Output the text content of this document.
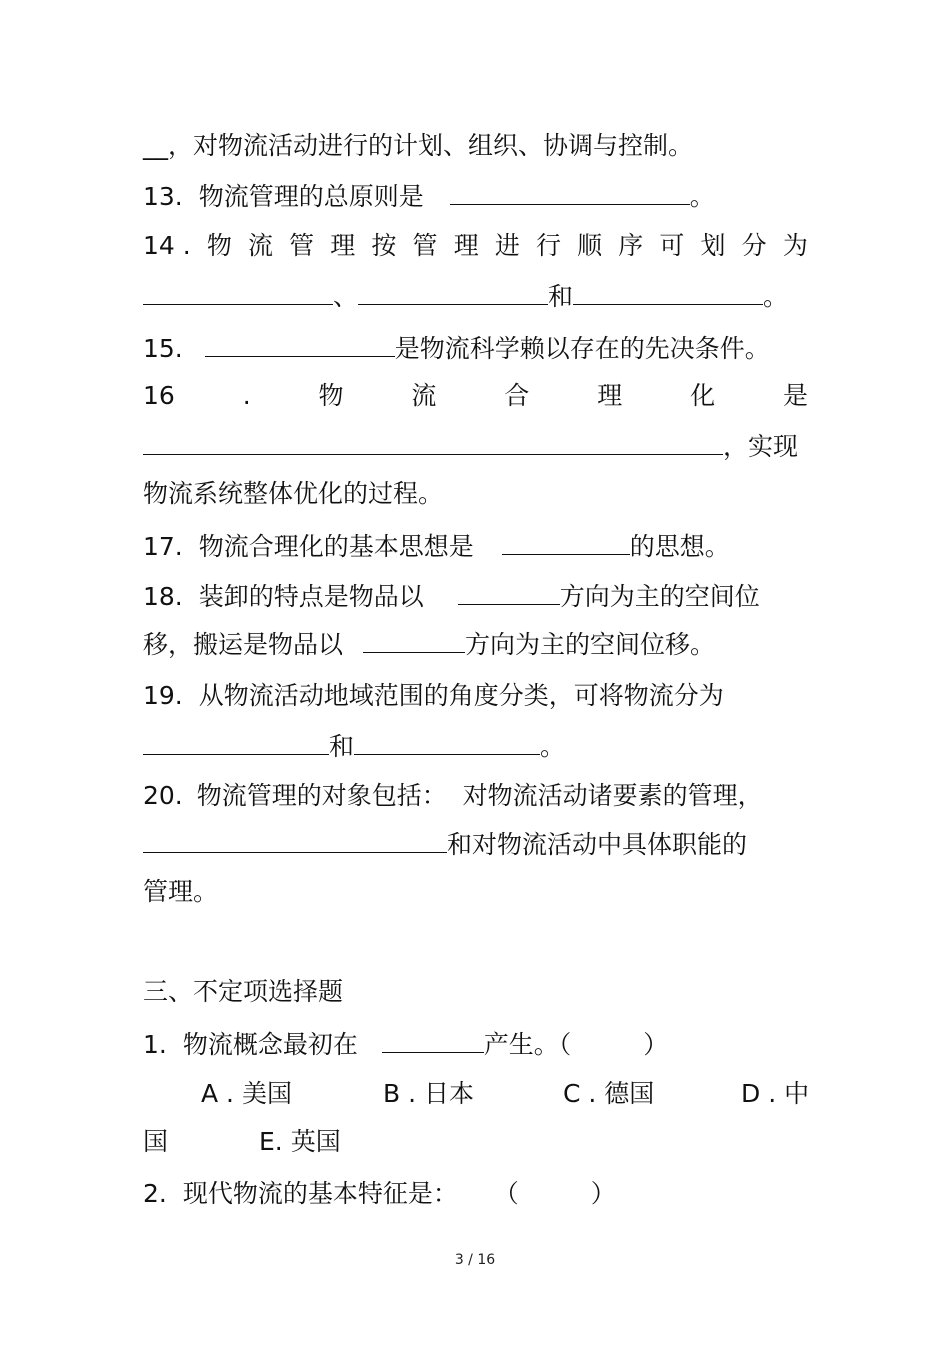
__，对物流活动进行的计划、组织、协调与控制。
13. 物流管理的总原则是	。
14 . 物 流 管 理 按 管 理 进 行 顺 序 可 划 分 为
、	和	。
15.	是物流科学赖以存在的先决条件。
16	.	物	流	合	理	化	是
，实现
物流系统整体优化的过程。
17. 物流合理化的基本思想是	的思想。
18. 装卸的特点是物品以	方向为主的空间位
移，搬运是物品以	方向为主的空间位移。
19. 从物流活动地域范围的角度分类，可将物流分为
和	。
20. 物流管理的对象包括：  对物流活动诸要素的管理，
和对物流活动中具体职能的
管理。
三、不定项选择题
1. 物流概念最初在	产生。（	）
A . 美国	B . 日本	C . 德国	D . 中
国	E. 英国
2. 现代物流的基本特征是： （	）
3 / 16
